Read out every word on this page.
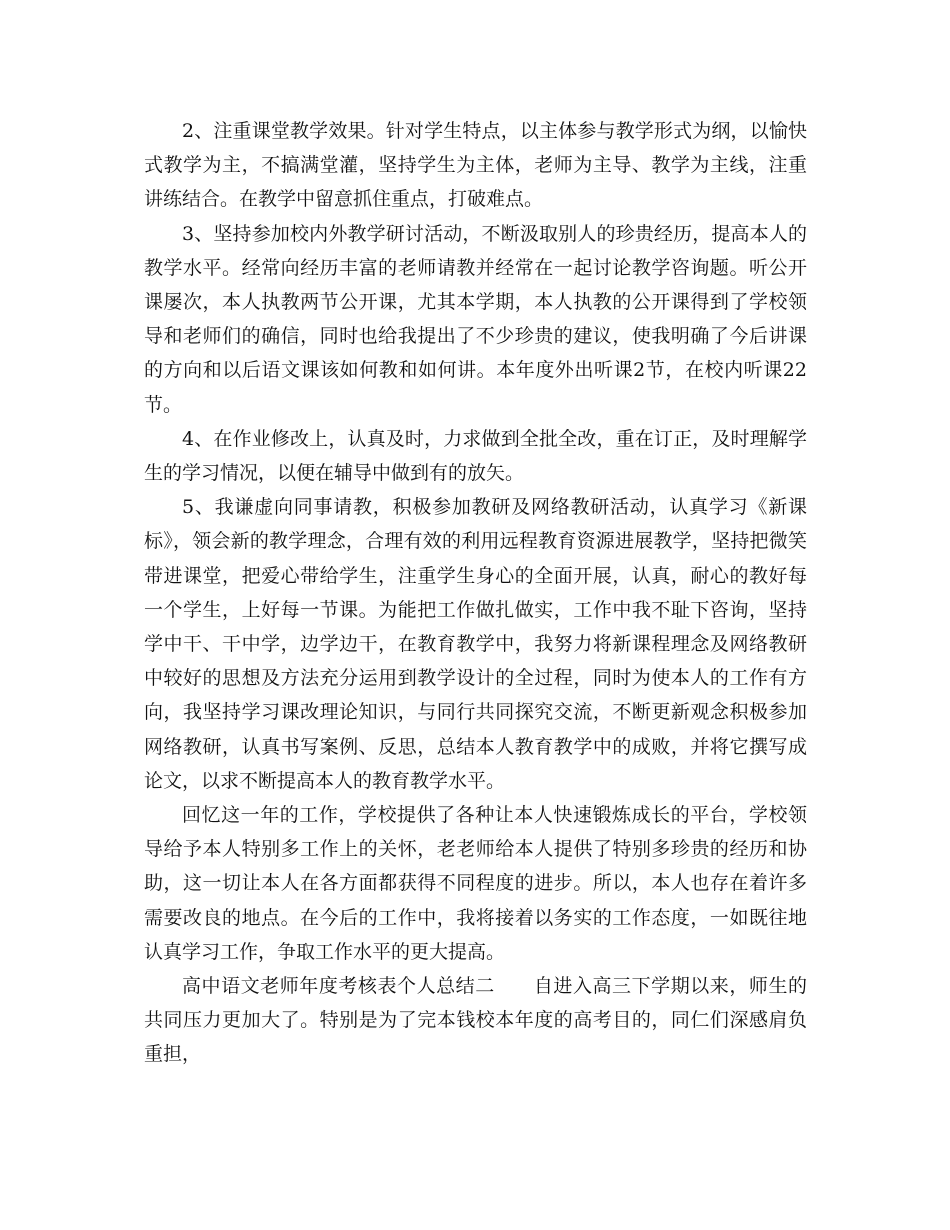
2、注重课堂教学效果。针对学生特点，以主体参与教学形式为纲，以愉快式教学为主，不搞满堂灌，坚持学生为主体，老师为主导、教学为主线，注重讲练结合。在教学中留意抓住重点，打破难点。

3、坚持参加校内外教学研讨活动，不断汲取别人的珍贵经历，提高本人的教学水平。经常向经历丰富的老师请教并经常在一起讨论教学咨询题。听公开课屡次，本人执教两节公开课，尤其本学期，本人执教的公开课得到了学校领导和老师们的确信，同时也给我提出了不少珍贵的建议，使我明确了今后讲课的方向和以后语文课该如何教和如何讲。本年度外出听课2节，在校内听课22节。

4、在作业修改上，认真及时，力求做到全批全改，重在订正，及时理解学生的学习情况，以便在辅导中做到有的放矢。

5、我谦虚向同事请教，积极参加教研及网络教研活动，认真学习《新课标》，领会新的教学理念，合理有效的利用远程教育资源进展教学，坚持把微笑带进课堂，把爱心带给学生，注重学生身心的全面开展，认真，耐心的教好每一个学生，上好每一节课。为能把工作做扎做实，工作中我不耻下咨询，坚持学中干、干中学，边学边干，在教育教学中，我努力将新课程理念及网络教研中较好的思想及方法充分运用到教学设计的全过程，同时为使本人的工作有方向，我坚持学习课改理论知识，与同行共同探究交流，不断更新观念积极参加网络教研，认真书写案例、反思，总结本人教育教学中的成败，并将它撰写成论文，以求不断提高本人的教育教学水平。

回忆这一年的工作，学校提供了各种让本人快速锻炼成长的平台，学校领导给予本人特别多工作上的关怀，老老师给本人提供了特别多珍贵的经历和协助，这一切让本人在各方面都获得不同程度的进步。所以，本人也存在着许多需要改良的地点。在今后的工作中，我将接着以务实的工作态度，一如既往地认真学习工作，争取工作水平的更大提高。

高中语文老师年度考核表个人总结二　　自进入高三下学期以来，师生的共同压力更加大了。特别是为了完本钱校本年度的高考目的，同仁们深感肩负重担，
